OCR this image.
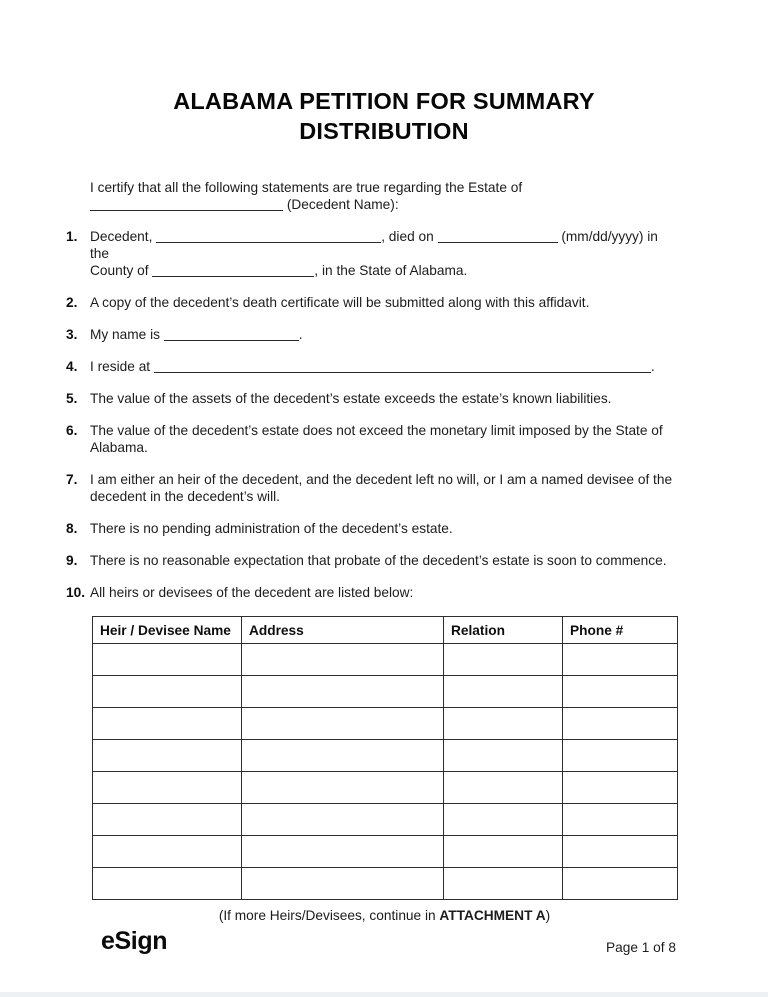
ALABAMA PETITION FOR SUMMARY
DISTRIBUTION
I certify that all the following statements are true regarding the Estate of
(Decedent Name):
1. Decedent,	, died on	(mm/dd/yyyy) in the
County of	, in the State of Alabama.
2. A copy of the decedent’s death certificate will be submitted along with this affidavit.
3. My name is	.
4. I reside at	.
5. The value of the assets of the decedent’s estate exceeds the estate’s known liabilities.
6. The value of the decedent’s estate does not exceed the monetary limit imposed by the State of Alabama.
7. I am either an heir of the decedent, and the decedent left no will, or I am a named devisee of the decedent in the decedent’s will.
8. There is no pending administration of the decedent’s estate.
9. There is no reasonable expectation that probate of the decedent’s estate is soon to commence.
10. All heirs or devisees of the decedent are listed below:
Heir / Devisee Name	Address	Relation	Phone #

(If more Heirs/Devisees, continue in ATTACHMENT A)
eSign	Page 1 of 8
